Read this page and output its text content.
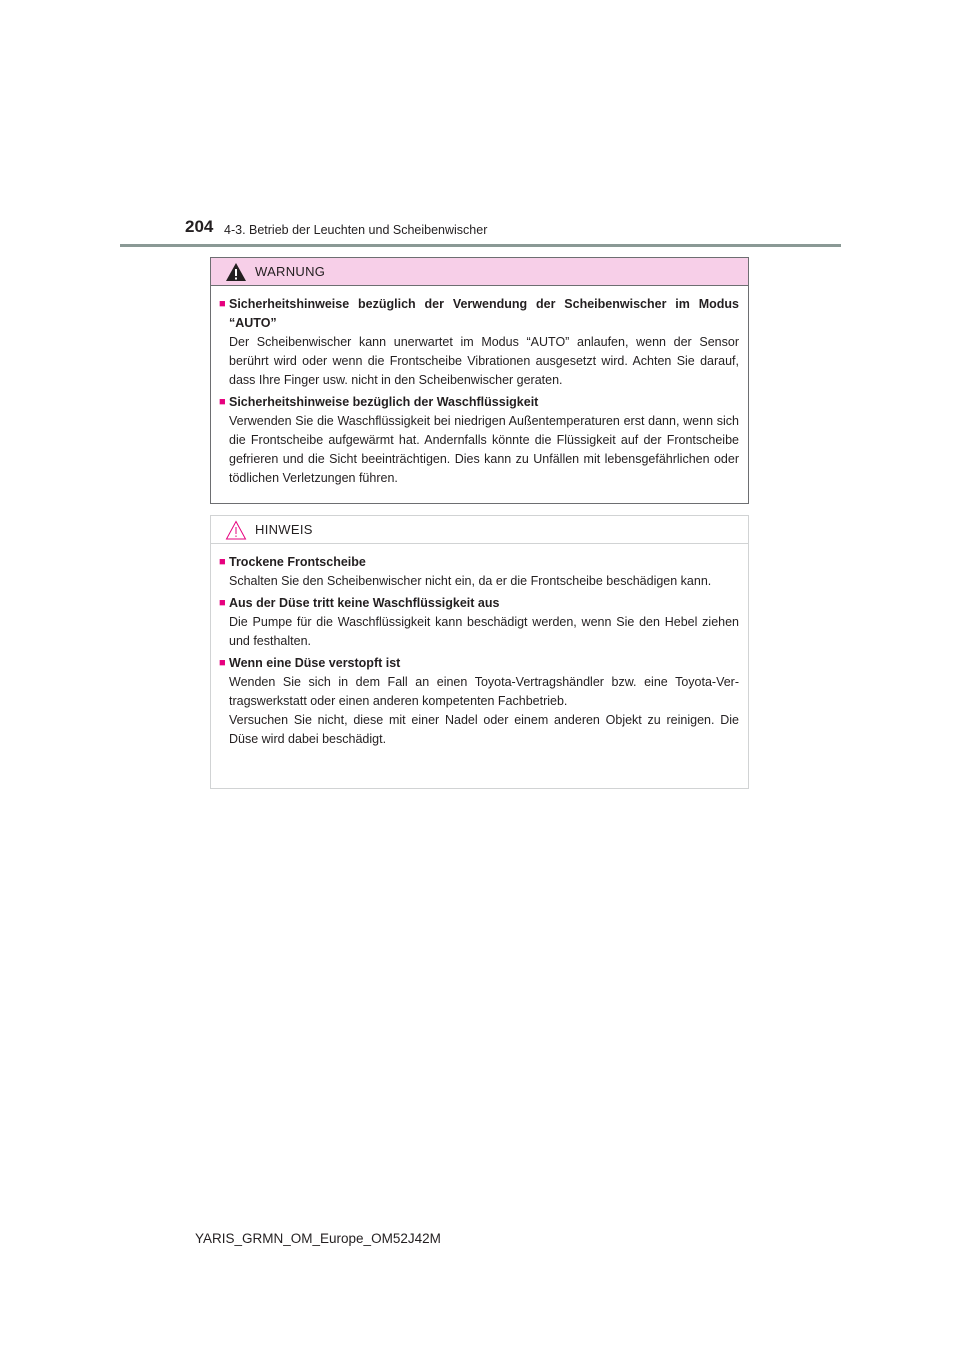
204 4-3. Betrieb der Leuchten und Scheibenwischer
WARNUNG
■ Sicherheitshinweise bezüglich der Verwendung der Scheibenwischer im Modus “AUTO”
Der Scheibenwischer kann unerwartet im Modus “AUTO” anlaufen, wenn der Sensor berührt wird oder wenn die Frontscheibe Vibrationen ausgesetzt wird. Achten Sie darauf, dass Ihre Finger usw. nicht in den Scheibenwischer geraten.
■ Sicherheitshinweise bezüglich der Waschflüssigkeit
Verwenden Sie die Waschflüssigkeit bei niedrigen Außentemperaturen erst dann, wenn sich die Frontscheibe aufgewärmt hat. Andernfalls könnte die Flüssigkeit auf der Frontscheibe gefrieren und die Sicht beeinträchtigen. Dies kann zu Unfällen mit lebensgefährlichen oder tödlichen Verletzungen führen.
HINWEIS
■ Trockene Frontscheibe
Schalten Sie den Scheibenwischer nicht ein, da er die Frontscheibe beschädigen kann.
■ Aus der Düse tritt keine Waschflüssigkeit aus
Die Pumpe für die Waschflüssigkeit kann beschädigt werden, wenn Sie den Hebel ziehen und festhalten.
■ Wenn eine Düse verstopft ist

Wenden Sie sich in dem Fall an einen Toyota-Vertragshändler bzw. eine Toyota-Ver-tragswerkstatt oder einen anderen kompetenten Fachbetrieb.

Versuchen Sie nicht, diese mit einer Nadel oder einem anderen Objekt zu reinigen. Die Düse wird dabei beschädigt.

YARIS_GRMN_OM_Europe_OM52J42M
